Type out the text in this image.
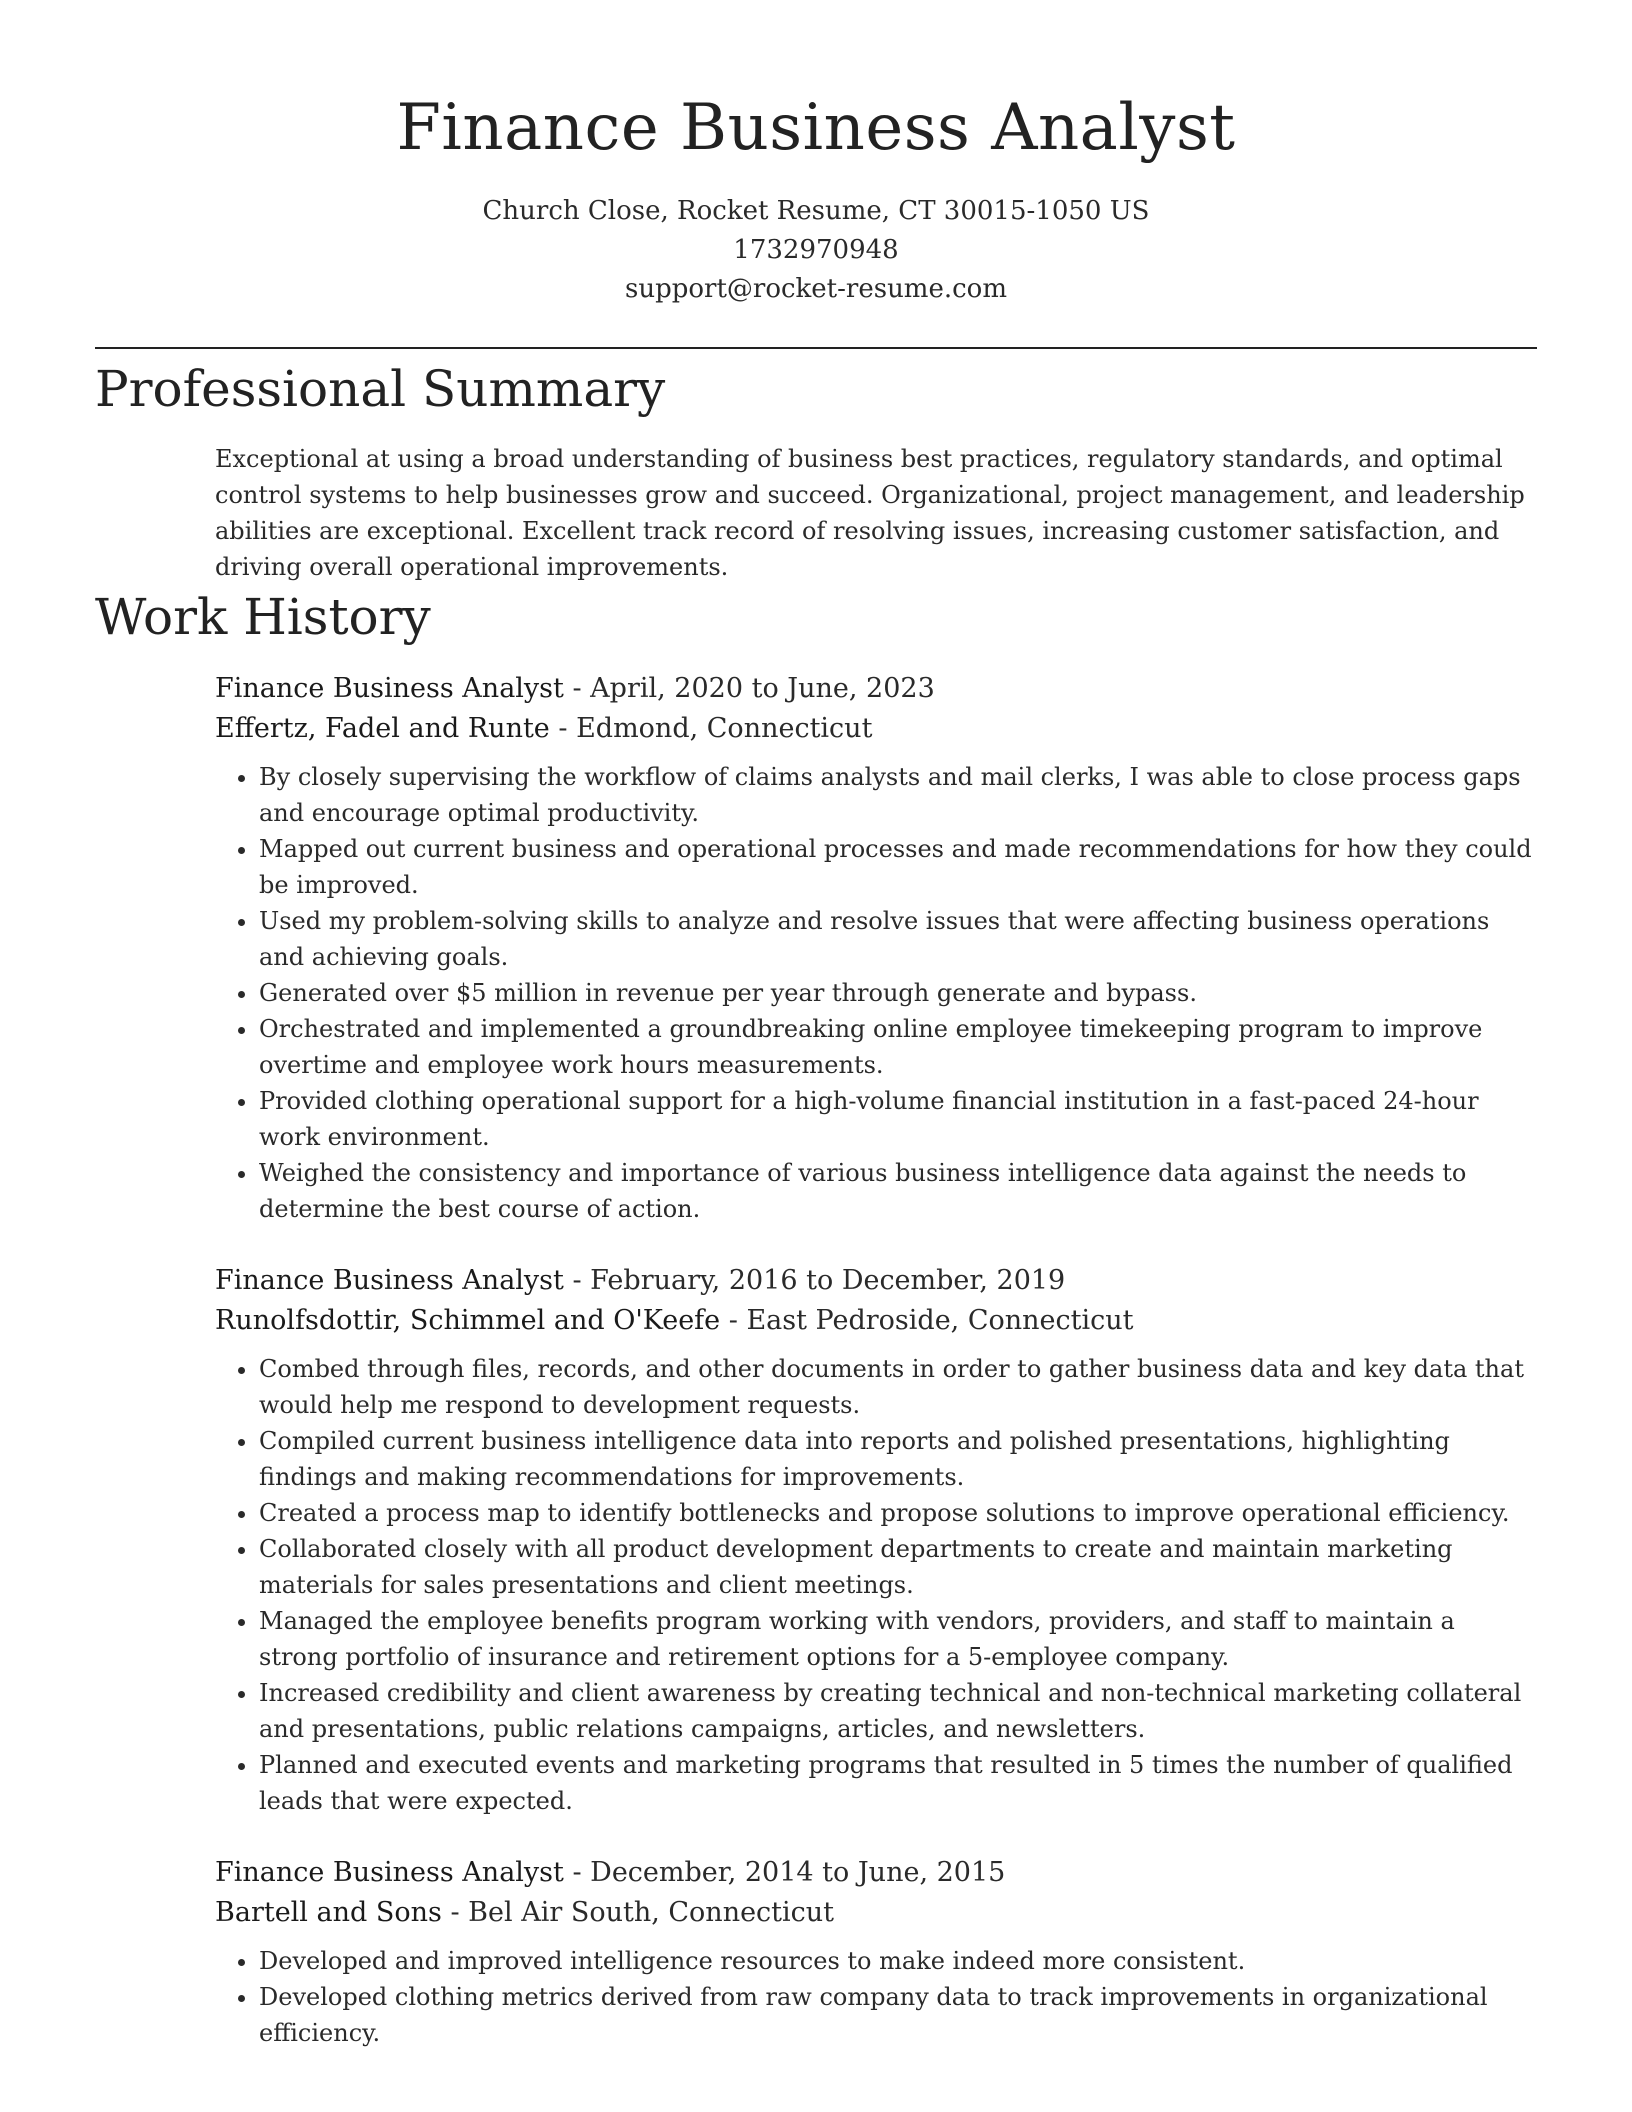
Finance Business Analyst
Church Close, Rocket Resume, CT 30015-1050 US
1732970948
support@rocket-resume.com
Professional Summary

Exceptional at using a broad understanding of business best practices, regulatory standards, and optimal control systems to help businesses grow and succeed. Organizational, project management, and leadership abilities are exceptional. Excellent track record of resolving issues, increasing customer satisfaction, and driving overall operational improvements.

Work History
Finance Business Analyst - April, 2020 to June, 2023
Effertz, Fadel and Runte - Edmond, Connecticut
• By closely supervising the workflow of claims analysts and mail clerks, I was able to close process gaps and encourage optimal productivity.
• Mapped out current business and operational processes and made recommendations for how they could be improved.
• Used my problem-solving skills to analyze and resolve issues that were affecting business operations and achieving goals.
• Generated over $5 million in revenue per year through generate and bypass.
• Orchestrated and implemented a groundbreaking online employee timekeeping program to improve overtime and employee work hours measurements.
• Provided clothing operational support for a high-volume financial institution in a fast-paced 24-hour work environment.
• Weighed the consistency and importance of various business intelligence data against the needs to determine the best course of action.
Finance Business Analyst - February, 2016 to December, 2019
Runolfsdottir, Schimmel and O'Keefe - East Pedroside, Connecticut
• Combed through files, records, and other documents in order to gather business data and key data that would help me respond to development requests.
• Compiled current business intelligence data into reports and polished presentations, highlighting findings and making recommendations for improvements.
• Created a process map to identify bottlenecks and propose solutions to improve operational efficiency.
• Collaborated closely with all product development departments to create and maintain marketing materials for sales presentations and client meetings.
• Managed the employee benefits program working with vendors, providers, and staff to maintain a strong portfolio of insurance and retirement options for a 5-employee company.
• Increased credibility and client awareness by creating technical and non-technical marketing collateral and presentations, public relations campaigns, articles, and newsletters.
• Planned and executed events and marketing programs that resulted in 5 times the number of qualified leads that were expected.
Finance Business Analyst - December, 2014 to June, 2015
Bartell and Sons - Bel Air South, Connecticut
• Developed and improved intelligence resources to make indeed more consistent.
• Developed clothing metrics derived from raw company data to track improvements in organizational efficiency.
